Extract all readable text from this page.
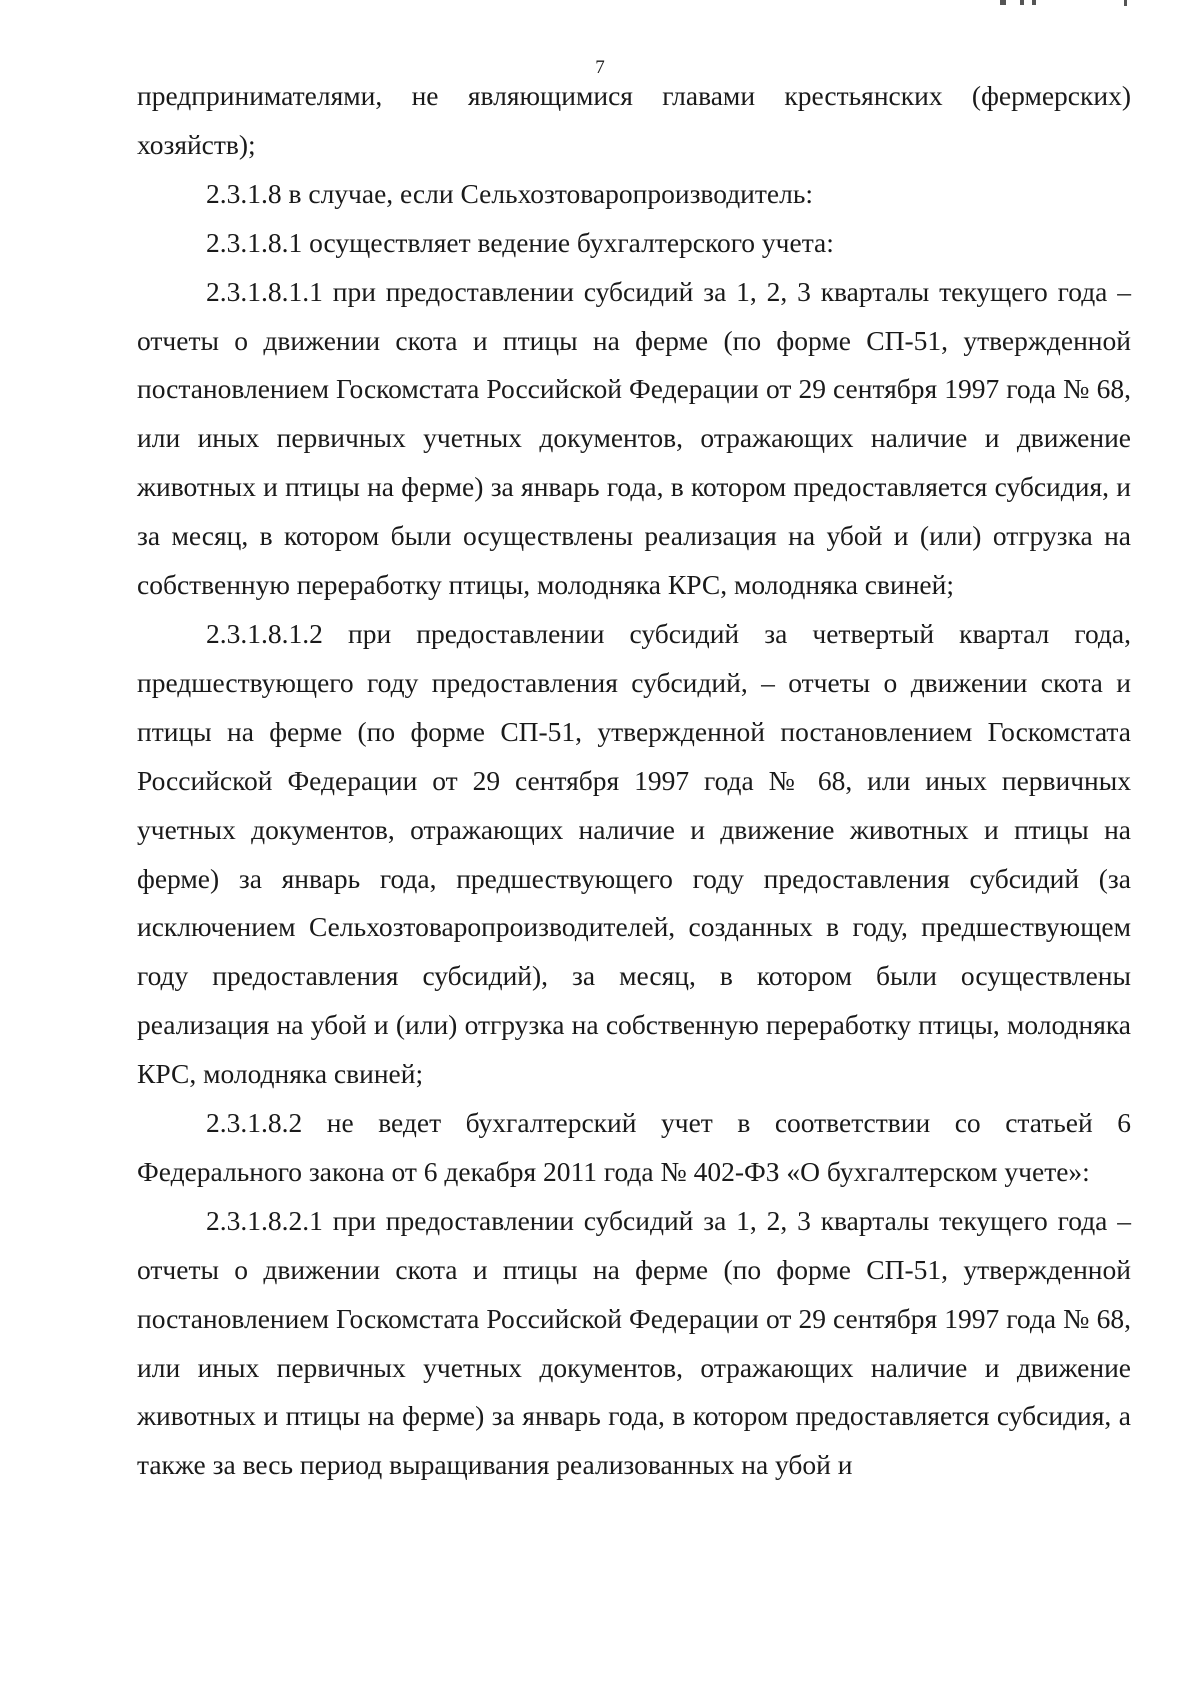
7

предпринимателями, не являющимися главами крестьянских (фермерских) хозяйств);

2.3.1.8 в случае, если Сельхозтоваропроизводитель:

2.3.1.8.1 осуществляет ведение бухгалтерского учета:

2.3.1.8.1.1 при предоставлении субсидий за 1, 2, 3 кварталы текущего года – отчеты о движении скота и птицы на ферме (по форме СП-51, утвержденной постановлением Госкомстата Российской Федерации от 29 сентября 1997 года № 68, или иных первичных учетных документов, отражающих наличие и движение животных и птицы на ферме) за январь года, в котором предоставляется субсидия, и за месяц, в котором были осуществлены реализация на убой и (или) отгрузка на собственную переработку птицы, молодняка КРС, молодняка свиней;

2.3.1.8.1.2 при предоставлении субсидий за четвертый квартал года, предшествующего году предоставления субсидий, – отчеты о движении скота и птицы на ферме (по форме СП-51, утвержденной постановлением Госкомстата Российской Федерации от 29 сентября 1997 года № 68, или иных первичных учетных документов, отражающих наличие и движение животных и птицы на ферме) за январь года, предшествующего году предоставления субсидий (за исключением Сельхозтоваропроизводителей, созданных в году, предшествующем году предоставления субсидий), за месяц, в котором были осуществлены реализация на убой и (или) отгрузка на собственную переработку птицы, молодняка КРС, молодняка свиней;

2.3.1.8.2 не ведет бухгалтерский учет в соответствии со статьей 6 Федерального закона от 6 декабря 2011 года № 402-ФЗ «О бухгалтерском учете»:

2.3.1.8.2.1 при предоставлении субсидий за 1, 2, 3 кварталы текущего года – отчеты о движении скота и птицы на ферме (по форме СП-51, утвержденной постановлением Госкомстата Российской Федерации от 29 сентября 1997 года № 68, или иных первичных учетных документов, отражающих наличие и движение животных и птицы на ферме) за январь года, в котором предоставляется субсидия, а также за весь период выращивания реализованных на убой и
